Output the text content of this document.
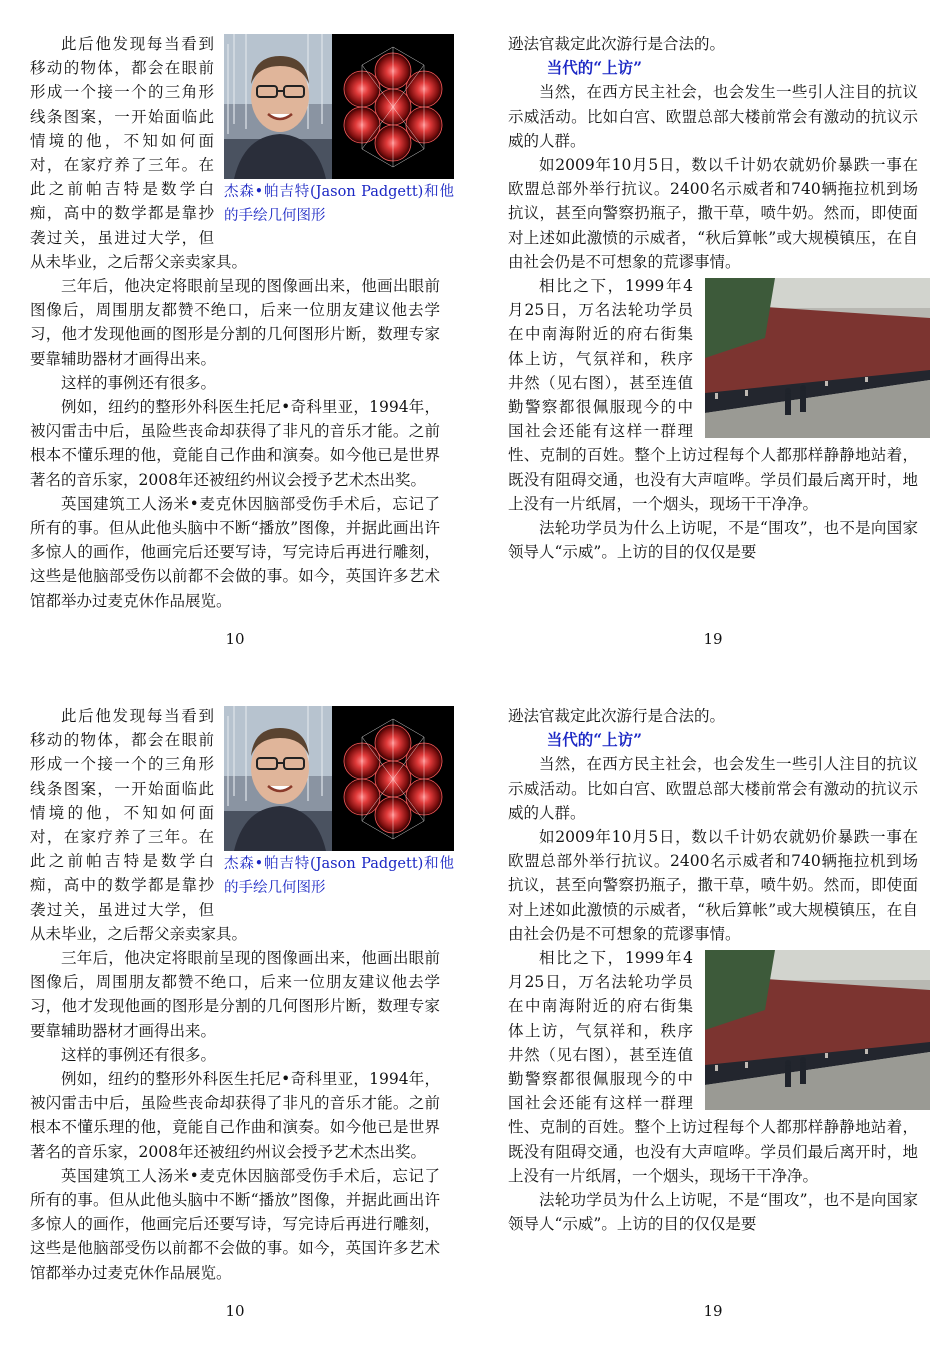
杰森•帕吉特(Jason Padgett)和他的手绘几何图形

此后他发现每当看到移动的物体，都会在眼前形成一个接一个的三角形线条图案，一开始面临此情境的他，不知如何面对，在家疗养了三年。在此之前帕吉特是数学白痴，高中的数学都是靠抄袭过关，虽进过大学，但从未毕业，之后帮父亲卖家具。

三年后，他决定将眼前呈现的图像画出来，他画出眼前图像后，周围朋友都赞不绝口，后来一位朋友建议他去学习，他才发现他画的图形是分割的几何图形片断，数理专家要靠辅助器材才画得出来。

这样的事例还有很多。

例如，纽约的整形外科医生托尼•奇科里亚，1994年，被闪雷击中后，虽险些丧命却获得了非凡的音乐才能。之前根本不懂乐理的他，竟能自己作曲和演奏。如今他已是世界著名的音乐家，2008年还被纽约州议会授予艺术杰出奖。

英国建筑工人汤米•麦克休因脑部受伤手术后，忘记了所有的事。但从此他头脑中不断“播放”图像，并据此画出许多惊人的画作，他画完后还要写诗，写完诗后再进行雕刻，这些是他脑部受伤以前都不会做的事。如今，英国许多艺术馆都举办过麦克休作品展览。

10

逊法官裁定此次游行是合法的。

当代的“上访”

当然，在西方民主社会，也会发生一些引人注目的抗议示威活动。比如白宫、欧盟总部大楼前常会有激动的抗议示威的人群。

如2009年10月5日，数以千计奶农就奶价暴跌一事在欧盟总部外举行抗议。2400名示威者和740辆拖拉机到场抗议，甚至向警察扔瓶子，撒干草，喷牛奶。然而，即使面对上述如此激愤的示威者，“秋后算帐”或大规模镇压，在自由社会仍是不可想象的荒谬事情。

相比之下，1999年4月25日，万名法轮功学员在中南海附近的府右街集体上访，气氛祥和，秩序井然（见右图），甚至连值勤警察都很佩服现今的中国社会还能有这样一群理性、克制的百姓。整个上访过程每个人都那样静静地站着，既没有阻碍交通，也没有大声喧哗。学员们最后离开时，地上没有一片纸屑，一个烟头，现场干干净净。

法轮功学员为什么上访呢，不是“围攻”，也不是向国家领导人“示威”。上访的目的仅仅是要

19
杰森•帕吉特(Jason Padgett)和他的手绘几何图形

此后他发现每当看到移动的物体，都会在眼前形成一个接一个的三角形线条图案，一开始面临此情境的他，不知如何面对，在家疗养了三年。在此之前帕吉特是数学白痴，高中的数学都是靠抄袭过关，虽进过大学，但从未毕业，之后帮父亲卖家具。

三年后，他决定将眼前呈现的图像画出来，他画出眼前图像后，周围朋友都赞不绝口，后来一位朋友建议他去学习，他才发现他画的图形是分割的几何图形片断，数理专家要靠辅助器材才画得出来。

这样的事例还有很多。

例如，纽约的整形外科医生托尼•奇科里亚，1994年，被闪雷击中后，虽险些丧命却获得了非凡的音乐才能。之前根本不懂乐理的他，竟能自己作曲和演奏。如今他已是世界著名的音乐家，2008年还被纽约州议会授予艺术杰出奖。

英国建筑工人汤米•麦克休因脑部受伤手术后，忘记了所有的事。但从此他头脑中不断“播放”图像，并据此画出许多惊人的画作，他画完后还要写诗，写完诗后再进行雕刻，这些是他脑部受伤以前都不会做的事。如今，英国许多艺术馆都举办过麦克休作品展览。

10

逊法官裁定此次游行是合法的。

当代的“上访”

当然，在西方民主社会，也会发生一些引人注目的抗议示威活动。比如白宫、欧盟总部大楼前常会有激动的抗议示威的人群。

如2009年10月5日，数以千计奶农就奶价暴跌一事在欧盟总部外举行抗议。2400名示威者和740辆拖拉机到场抗议，甚至向警察扔瓶子，撒干草，喷牛奶。然而，即使面对上述如此激愤的示威者，“秋后算帐”或大规模镇压，在自由社会仍是不可想象的荒谬事情。

相比之下，1999年4月25日，万名法轮功学员在中南海附近的府右街集体上访，气氛祥和，秩序井然（见右图），甚至连值勤警察都很佩服现今的中国社会还能有这样一群理性、克制的百姓。整个上访过程每个人都那样静静地站着，既没有阻碍交通，也没有大声喧哗。学员们最后离开时，地上没有一片纸屑，一个烟头，现场干干净净。

法轮功学员为什么上访呢，不是“围攻”，也不是向国家领导人“示威”。上访的目的仅仅是要

19
